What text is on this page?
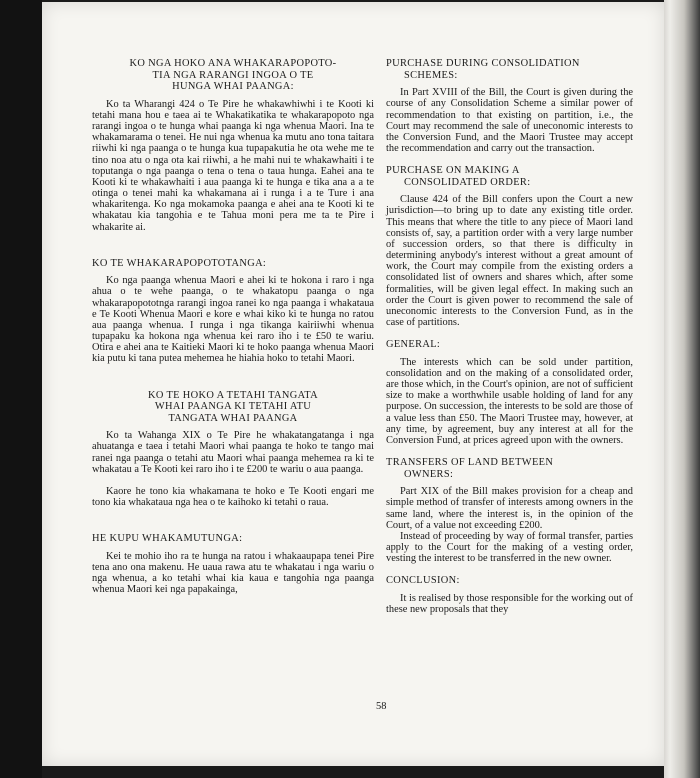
KO NGA HOKO ANA WHAKARAPOPOTO-
TIA NGA RARANGI INGOA O TE
HUNGA WHAI PAANGA:

Ko ta Wharangi 424 o Te Pire he whakawhiwhi i te Kooti ki tetahi mana hou e taea ai te Whakatikatika te whakarapopoto nga rarangi ingoa o te hunga whai paanga ki nga whenua Maori. Ina te whakamarama o tenei. He nui nga whenua ka mutu ano tona taitara riiwhi ki nga paanga o te hunga kua tupapakutia he ota wehe me te tino noa atu o nga ota kai riiwhi, a he mahi nui te whakawhaiti i te toputanga o nga paanga o tena o tena o taua hunga. Eahei ana te Kooti ki te whakawhaiti i aua paanga ki te hunga e tika ana a a te otinga o tenei mahi ka whakamana ai i runga i a te Ture i ana whakaritenga. Ko nga mokamoka paanga e ahei ana te Kooti ki te whakatau kia tangohia e te Tahua moni pera me ta te Pire i whakarite ai.

KO TE WHAKARAPOPOTOTANGA:

Ko nga paanga whenua Maori e ahei ki te hokona i raro i nga ahua o te wehe paanga, o te whakatopu paanga o nga whakarapopototnga rarangi ingoa ranei ko nga paanga i whakataua e Te Kooti Whenua Maori e kore e whai kiko ki te hunga no ratou aua paanga whenua. I runga i nga tikanga kairiiwhi whenua tupapaku ka hokona nga whenua kei raro iho i te £50 te wariu. Otira e ahei ana te Kaitieki Maori ki te hoko paanga whenua Maori kia putu ki tana putea mehemea he hiahia hoko to tetahi Maori.

KO TE HOKO A TETAHI TANGATA
WHAI PAANGA KI TETAHI ATU
TANGATA WHAI PAANGA

Ko ta Wahanga XIX o Te Pire he whakatangatanga i nga ahuatanga e taea i tetahi Maori whai paanga te hoko te tango mai ranei nga paanga o tetahi atu Maori whai paanga mehemea ra ki te whakatau a Te Kooti kei raro iho i te £200 te wariu o aua paanga.

Kaore he tono kia whakamana te hoko e Te Kooti engari me tono kia whakataua nga hea o te kaihoko ki tetahi o raua.

HE KUPU WHAKAMUTUNGA:

Kei te mohio iho ra te hunga na ratou i whakaaupapa tenei Pire tena ano ona makenu. He uaua rawa atu te whakatau i nga wariu o nga whenua, a ko tetahi whai kia kaua e tangohia nga paanga whenua Maori kei nga papakainga,

PURCHASE DURING CONSOLIDATION

SCHEMES:

In Part XVIII of the Bill, the Court is given during the course of any Consolidation Scheme a similar power of recommendation to that existing on partition, i.e., the Court may recommend the sale of uneconomic interests to the Conversion Fund, and the Maori Trustee may accept the recommendation and carry out the transaction.

PURCHASE ON MAKING A

CONSOLIDATED ORDER:

Clause 424 of the Bill confers upon the Court a new jurisdiction—to bring up to date any existing title order. This means that where the title to any piece of Maori land consists of, say, a partition order with a very large number of succession orders, so that there is difficulty in determining anybody's interest without a great amount of work, the Court may compile from the existing orders a consolidated list of owners and shares which, after some formalities, will be given legal effect. In making such an order the Court is given power to recommend the sale of uneconomic interests to the Conversion Fund, as in the case of partitions.

GENERAL:

The interests which can be sold under partition, consolidation and on the making of a consolidated order, are those which, in the Court's opinion, are not of sufficient size to make a worthwhile usable holding of land for any purpose. On succession, the interests to be sold are those of a value less than £50. The Maori Trustee may, however, at any time, by agreement, buy any interest at all for the Conversion Fund, at prices agreed upon with the owners.

TRANSFERS OF LAND BETWEEN

OWNERS:

Part XIX of the Bill makes provision for a cheap and simple method of transfer of interests among owners in the same land, where the interest is, in the opinion of the Court, of a value not exceeding £200.

Instead of proceeding by way of formal transfer, parties apply to the Court for the making of a vesting order, vesting the interest to be transferred in the new owner.

CONCLUSION:

It is realised by those responsible for the working out of these new proposals that they

58
